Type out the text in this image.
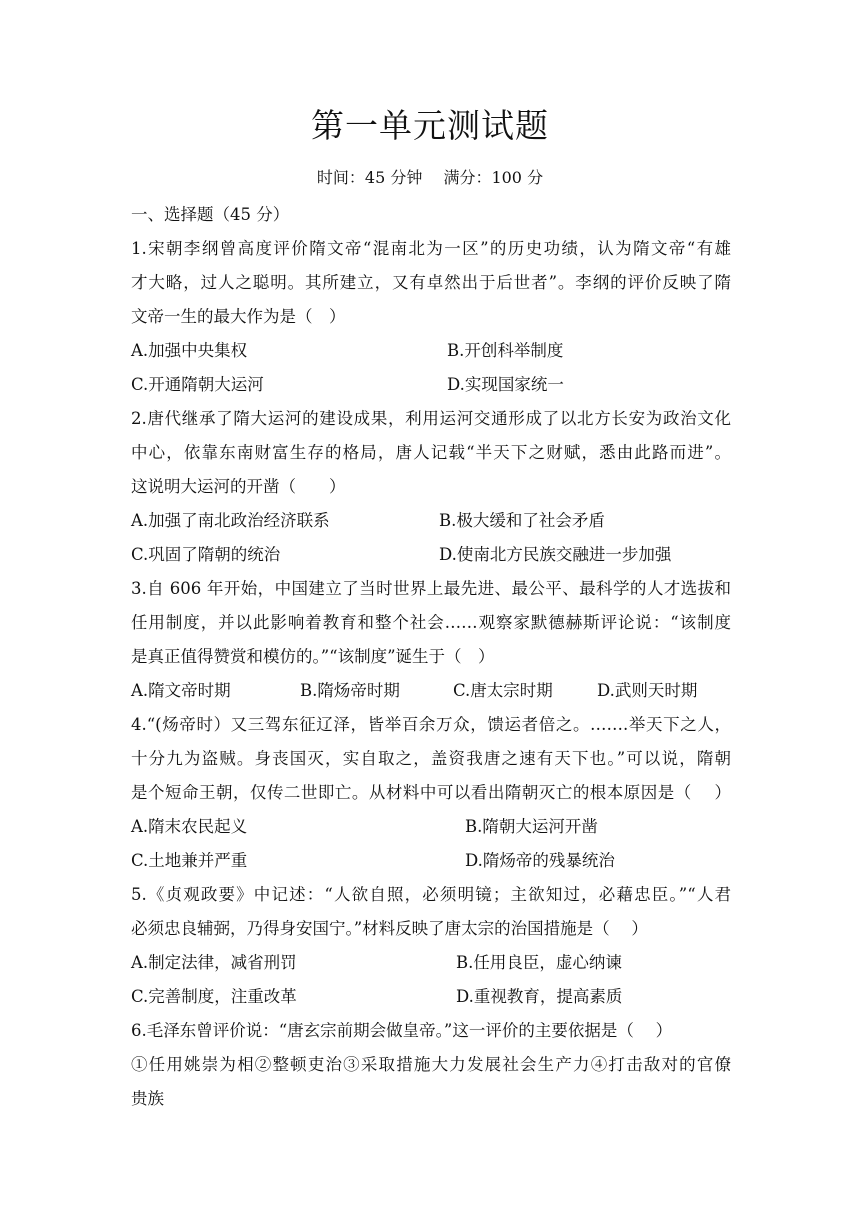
第一单元测试题
时间：45 分钟　 满分：100 分
一、选择题（45 分）
1.宋朝李纲曾高度评价隋文帝“混南北为一区”的历史功绩，认为隋文帝“有雄
才大略，过人之聪明。其所建立，又有卓然出于后世者”。李纲的评价反映了隋
文帝一生的最大作为是（　）
A.加强中央集权	B.开创科举制度
C.开通隋朝大运河	D.实现国家统一
2.唐代继承了隋大运河的建设成果，利用运河交通形成了以北方长安为政治文化
中心，依靠东南财富生存的格局，唐人记载“半天下之财赋，悉由此路而进”。
这说明大运河的开凿（　　）
A.加强了南北政治经济联系	B.极大缓和了社会矛盾
C.巩固了隋朝的统治	D.使南北方民族交融进一步加强
3.自 606 年开始，中国建立了当时世界上最先进、最公平、最科学的人才选拔和
任用制度，并以此影响着教育和整个社会……观察家默德赫斯评论说：“该制度
是真正值得赞赏和模仿的。”“该制度”诞生于（　）
A.隋文帝时期	B.隋炀帝时期	C.唐太宗时期	D.武则天时期
4.“(炀帝时）又三驾东征辽泽，皆举百余万众，馈运者倍之。…….举天下之人，
十分九为盗贼。身丧国灭，实自取之，盖资我唐之速有天下也。”可以说，隋朝
是个短命王朝，仅传二世即亡。从材料中可以看出隋朝灭亡的根本原因是（　 ）
A.隋末农民起义	B.隋朝大运河开凿
C.土地兼并严重	D.隋炀帝的残暴统治
5.《贞观政要》中记述：“人欲自照，必须明镜；主欲知过，必藉忠臣。”“人君
必须忠良辅弼，乃得身安国宁。”材料反映了唐太宗的治国措施是（　 ）
A.制定法律，减省刑罚	B.任用良臣，虚心纳谏
C.完善制度，注重改革	D.重视教育，提高素质
6.毛泽东曾评价说：“唐玄宗前期会做皇帝。”这一评价的主要依据是（　 ）
①任用姚崇为相②整顿吏治③采取措施大力发展社会生产力④打击敌对的官僚
贵族
